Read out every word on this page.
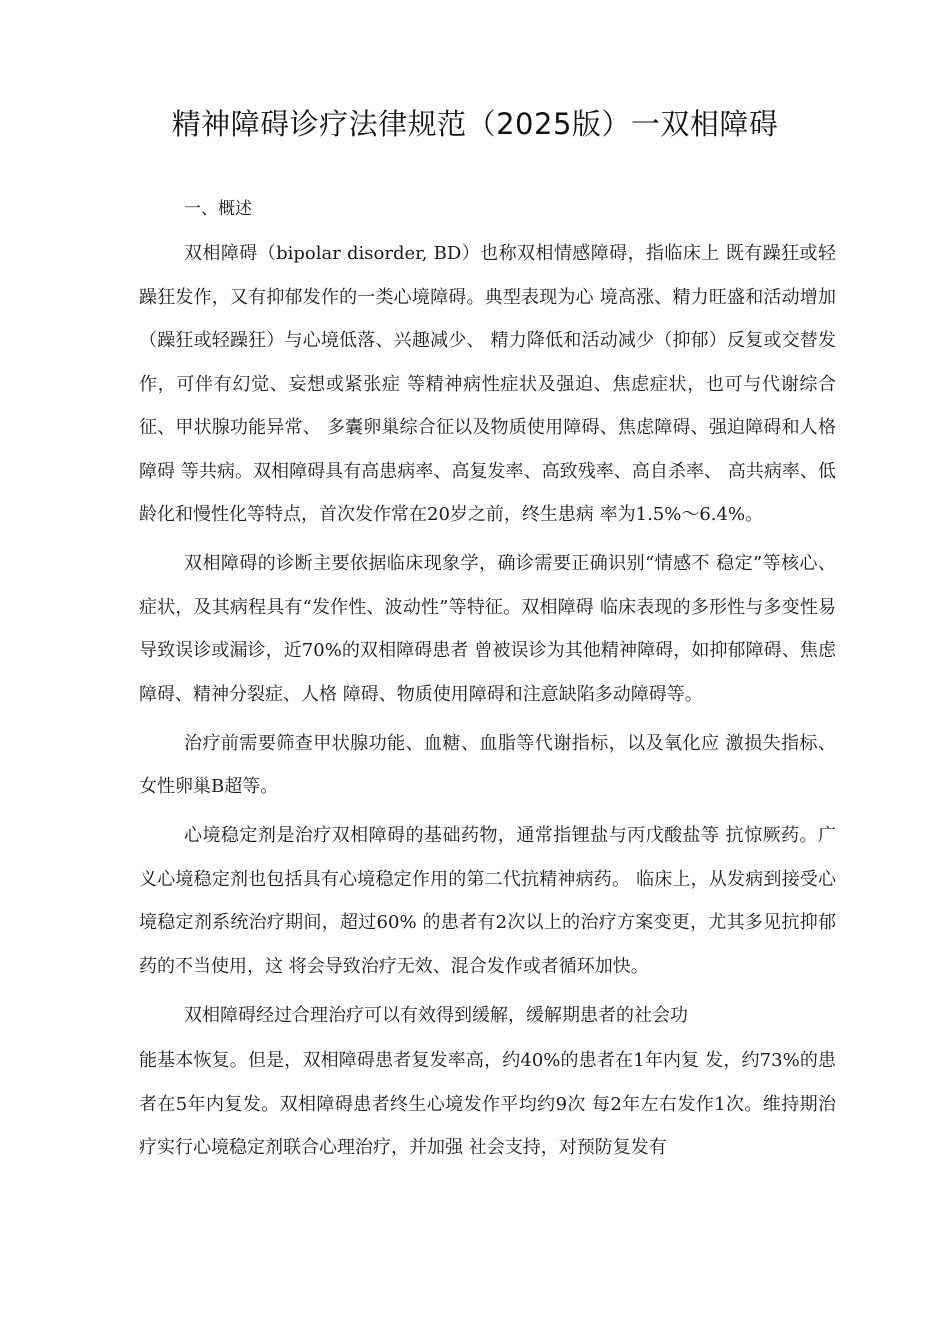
精神障碍诊疗法律规范（2025版）一双相障碍
一、概述

双相障碍（bipolar disorder, BD）也称双相情感障碍，指临床上 既有躁狂或轻躁狂发作，又有抑郁发作的一类心境障碍。典型表现为心 境高涨、精力旺盛和活动增加（躁狂或轻躁狂）与心境低落、兴趣减少、 精力降低和活动减少（抑郁）反复或交替发作，可伴有幻觉、妄想或紧张症 等精神病性症状及强迫、焦虑症状，也可与代谢综合征、甲状腺功能异常、 多囊卵巢综合征以及物质使用障碍、焦虑障碍、强迫障碍和人格障碍 等共病。双相障碍具有高患病率、高复发率、高致残率、高自杀率、 高共病率、低龄化和慢性化等特点，首次发作常在20岁之前，终生患病 率为1.5%〜6.4%。

双相障碍的诊断主要依据临床现象学，确诊需要正确识别“情感不 稳定”等核心、症状，及其病程具有“发作性、波动性”等特征。双相障碍 临床表现的多形性与多变性易导致误诊或漏诊，近70%的双相障碍患者 曾被误诊为其他精神障碍，如抑郁障碍、焦虑障碍、精神分裂症、人格 障碍、物质使用障碍和注意缺陷多动障碍等。

治疗前需要筛查甲状腺功能、血糖、血脂等代谢指标，以及氧化应 激损失指标、女性卵巢B超等。

心境稳定剂是治疗双相障碍的基础药物，通常指锂盐与丙戊酸盐等 抗惊厥药。广义心境稳定剂也包括具有心境稳定作用的第二代抗精神病药。 临床上，从发病到接受心境稳定剂系统治疗期间，超过60% 的患者有2次以上的治疗方案变更，尤其多见抗抑郁药的不当使用，这 将会导致治疗无效、混合发作或者循环加快。

双相障碍经过合理治疗可以有效得到缓解，缓解期患者的社会功

能基本恢复。但是，双相障碍患者复发率高，约40%的患者在1年内复 发，约73%的患者在5年内复发。双相障碍患者终生心境发作平均约9次 每2年左右发作1次。维持期治疗实行心境稳定剂联合心理治疗，并加强 社会支持，对预防复发有
